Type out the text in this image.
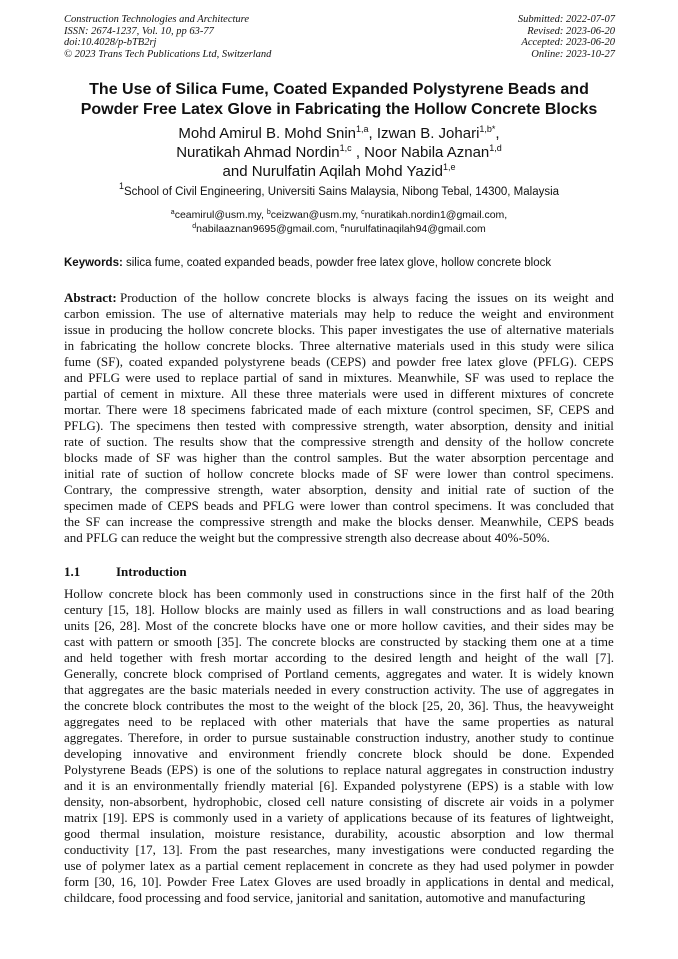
Construction Technologies and Architecture
ISSN: 2674-1237, Vol. 10, pp 63-77
doi:10.4028/p-bTB2rj
© 2023 Trans Tech Publications Ltd, Switzerland
Submitted: 2022-07-07
Revised: 2023-06-20
Accepted: 2023-06-20
Online: 2023-10-27
The Use of Silica Fume, Coated Expanded Polystyrene Beads and
Powder Free Latex Glove in Fabricating the Hollow Concrete Blocks
Mohd Amirul B. Mohd Snin$^{1,a}$, Izwan B. Johari$^{1,b*}$,
Nuratikah Ahmad Nordin$^{1,c}$ , Noor Nabila Aznan$^{1,d}$
and Nurulfatin Aqilah Mohd Yazid$^{1,e}$
$^1$School of Civil Engineering, Universiti Sains Malaysia, Nibong Tebal, 14300, Malaysia
$^a$ceamirul@usm.my, $^b$ceizwan@usm.my, $^c$nuratikah.nordin1@gmail.com,
$^d$nabilaaznan9695@gmail.com, $^e$nurulfatinaqilah94@gmail.com
Keywords: silica fume, coated expanded beads, powder free latex glove, hollow concrete block
Abstract: Production of the hollow concrete blocks is always facing the issues on its weight and
carbon emission. The use of alternative materials may help to reduce the weight and environment
issue in producing the hollow concrete blocks. This paper investigates the use of alternative materials
in fabricating the hollow concrete blocks. Three alternative materials used in this study were silica
fume (SF), coated expanded polystyrene beads (CEPS) and powder free latex glove (PFLG). CEPS
and PFLG were used to replace partial of sand in mixtures. Meanwhile, SF was used to replace the
partial of cement in mixture. All these three materials were used in different mixtures of concrete
mortar. There were 18 specimens fabricated made of each mixture (control specimen, SF, CEPS and
PFLG). The specimens then tested with compressive strength, water absorption, density and initial
rate of suction. The results show that the compressive strength and density of the hollow concrete
blocks made of SF was higher than the control samples. But the water absorption percentage and
initial rate of suction of hollow concrete blocks made of SF were lower than control specimens.
Contrary, the compressive strength, water absorption, density and initial rate of suction of the
specimen made of CEPS beads and PFLG were lower than control specimens. It was concluded that
the SF can increase the compressive strength and make the blocks denser. Meanwhile, CEPS beads
and PFLG can reduce the weight but the compressive strength also decrease about 40%-50%.
1.1	Introduction
Hollow concrete block has been commonly used in constructions since in the first half of the 20th
century [15, 18]. Hollow blocks are mainly used as fillers in wall constructions and as load bearing
units [26, 28]. Most of the concrete blocks have one or more hollow cavities, and their sides may be
cast with pattern or smooth [35]. The concrete blocks are constructed by stacking them one at a time
and held together with fresh mortar according to the desired length and height of the wall [7].
Generally, concrete block comprised of Portland cements, aggregates and water. It is widely known
that aggregates are the basic materials needed in every construction activity. The use of aggregates in
the concrete block contributes the most to the weight of the block [25, 20, 36]. Thus, the heavyweight
aggregates need to be replaced with other materials that have the same properties as natural
aggregates. Therefore, in order to pursue sustainable construction industry, another study to continue
developing innovative and environment friendly concrete block should be done. Expended
Polystyrene Beads (EPS) is one of the solutions to replace natural aggregates in construction industry
and it is an environmentally friendly material [6]. Expanded polystyrene (EPS) is a stable with low
density, non-absorbent, hydrophobic, closed cell nature consisting of discrete air voids in a polymer
matrix [19]. EPS is commonly used in a variety of applications because of its features of lightweight,
good thermal insulation, moisture resistance, durability, acoustic absorption and low thermal
conductivity [17, 13]. From the past researches, many investigations were conducted regarding the
use of polymer latex as a partial cement replacement in concrete as they had used polymer in powder
form [30, 16, 10]. Powder Free Latex Gloves are used broadly in applications in dental and medical,
childcare, food processing and food service, janitorial and sanitation, automotive and manufacturing
